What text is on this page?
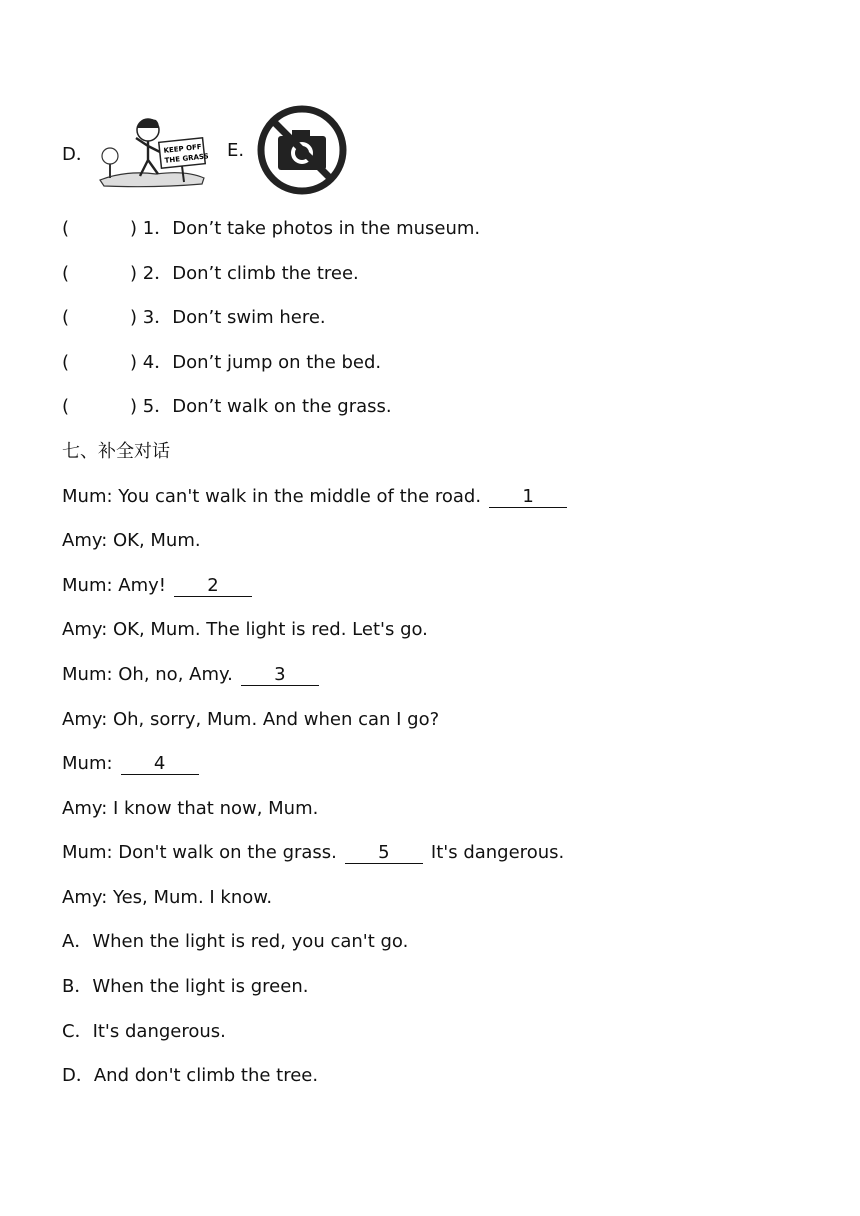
D．	KEEP OFF
THE GRASS E.
(	) 1．Don’t take photos in the museum.
(	) 2．Don’t climb the tree.
(	) 3．Don’t swim here.
(	) 4．Don’t jump on the bed.
(	) 5．Don’t walk on the grass.
七、补全对话
Mum: You can't walk in the middle of the road. 1
Amy: OK, Mum.
Mum: Amy! 2
Amy: OK, Mum. The light is red. Let's go.
Mum: Oh, no, Amy. 3
Amy: Oh, sorry, Mum. And when can I go?
Mum: 4
Amy: I know that now, Mum.
Mum: Don't walk on the grass. 5 It's dangerous.
Amy: Yes, Mum. I know.
A．When the light is red, you can't go.
B．When the light is green.
C．It's dangerous.
D．And don't climb the tree.
